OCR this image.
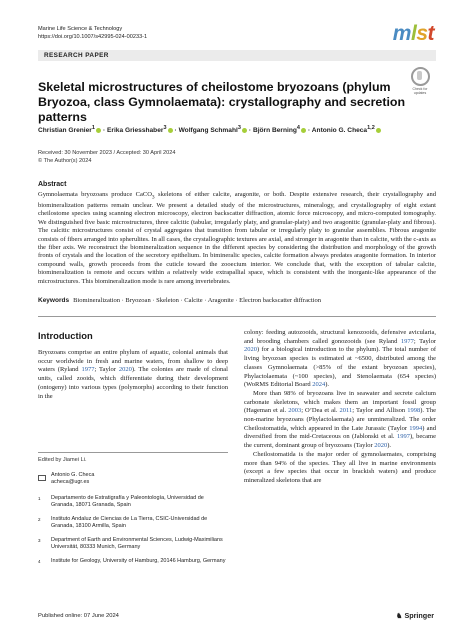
Marine Life Science & Technology
https://doi.org/10.1007/s42995-024-00233-1	mlst
RESEARCH PAPER
Check for
updates
Skeletal microstructures of cheilostome bryozoans (phylum Bryozoa, class Gymnolaemata): crystallography and secretion patterns
Christian Grenier$^1$ · Erika Griesshaber$^3$ · Wolfgang Schmahl$^3$ · Björn Berning$^4$ · Antonio G. Checa$^{1,2}$
Received: 30 November 2023 / Accepted: 30 April 2024
© The Author(s) 2024
Abstract
Gymnolaemata bryozoans produce CaCO$_3$ skeletons of either calcite, aragonite, or both. Despite extensive research, their crystallography and biomineralization patterns remain unclear. We present a detailed study of the microstructures, mineralogy, and crystallography of eight extant cheilostome species using scanning electron microscopy, electron backscatter diffraction, atomic force microscopy, and micro-computed tomography. We distinguished five basic microstructures, three calcitic (tabular, irregularly platy, and granular-platy) and two aragonitic (granular-platy and fibrous). The calcitic microstructures consist of crystal aggregates that transition from tabular or irregularly platy to granular assemblies. Fibrous aragonite consists of fibers arranged into spherulites. In all cases, the crystallographic textures are axial, and stronger in aragonite than in calcite, with the c-axis as the fiber axis. We reconstruct the biomineralization sequence in the different species by considering the distribution and morphology of the growth fronts of crystals and the location of the secretory epithelium. In bimineralic species, calcite formation always predates aragonite formation. In interior compound walls, growth proceeds from the cuticle toward the zooecium interior. We conclude that, with the exception of tabular calcite, biomineralization is remote and occurs within a relatively wide extrapallial space, which is consistent with the inorganic-like appearance of the microstructures. This biomineralization mode is rare among invertebrates.
Keywords Biomineralization · Bryozoan · Skeleton · Calcite · Aragonite · Electron backscatter diffraction
Introduction

Bryozoans comprise an entire phylum of aquatic, colonial animals that occur worldwide in fresh and marine waters, from shallow to deep waters (Ryland 1977; Taylor 2020). The colonies are made of clonal units, called zooids, which differentiate during their development (ontogeny) into various types (polymorphs) according to their function in the

colony: feeding autozooids, structural kenozooids, defensive avicularia, and brooding chambers called gonozooids (see Ryland 1977; Taylor 2020) for a biological introduction to the phylum). The total number of living bryozoan species is estimated at ~6500, distributed among the classes Gymnolaemata (>85% of the extant bryozoan species), Phylactolaemata (~100 species), and Stenolaemata (654 species) (WoRMS Editorial Board 2024).

More than 98% of bryozoans live in seawater and secrete calcium carbonate skeletons, which makes them an important fossil group (Hageman et al. 2003; O’Dea et al. 2011; Taylor and Allison 1998). The non-marine bryozoans (Phylactolaemata) are unmineralized. The order Cheilostomatida, which appeared in the Late Jurassic (Taylor 1994) and diversified from the mid-Cretaceous on (Jablonski et al. 1997), became the current, dominant group of bryozoans (Taylor 2020).

Cheilostomatida is the major order of gymnolaemates, comprising more than 94% of the species. They all live in marine environments (except a few species that occur in brackish waters) and produce mineralized skeletons that are

Edited by Jiamei Li.
Antonio G. Checa
acheca@ugr.es
1 Departamento de Estratigrafía y Paleontología, Universidad de Granada, 18071 Granada, Spain
2 Instituto Andaluz de Ciencias de La Tierra, CSIC-Universidad de Granada, 18100 Armilla, Spain
3 Department of Earth and Environmental Sciences, Ludwig-Maximilians Universität, 80333 Munich, Germany
4 Institute for Geology, University of Hamburg, 20146 Hamburg, Germany
Published online: 07 June 2024	♞ Springer
